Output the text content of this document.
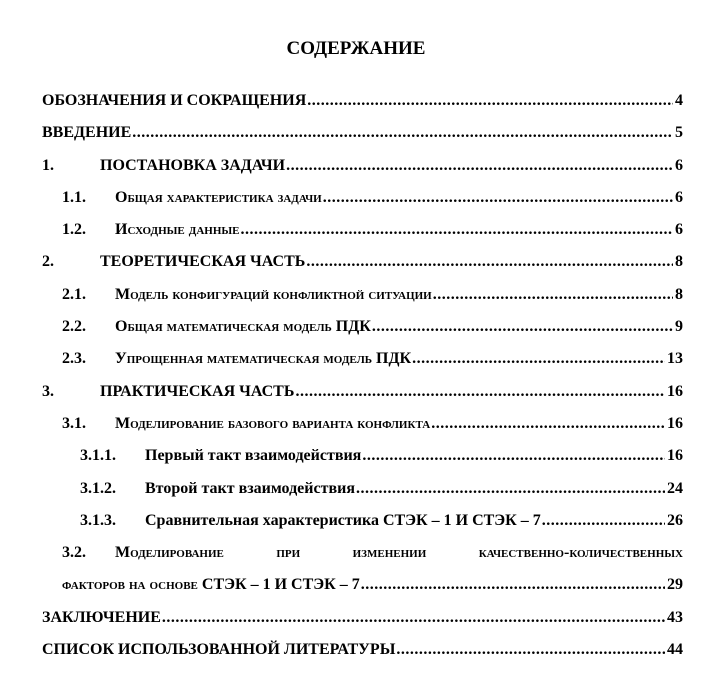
СОДЕРЖАНИЕ
ОБОЗНАЧЕНИЯ И СОКРАЩЕНИЯ .....	4
ВВЕДЕНИЕ .....	5
1.	ПОСТАНОВКА ЗАДАЧИ .....	6
1.1.	Общая характеристика задачи .....	6
1.2.	Исходные данные .....	6
2.	ТЕОРЕТИЧЕСКАЯ ЧАСТЬ .....	8
2.1.	Модель конфигураций конфликтной ситуации .....	8
2.2.	Общая математическая модель ПДК .....	9
2.3.	Упрощенная математическая модель ПДК .....	13
3.	ПРАКТИЧЕСКАЯ ЧАСТЬ .....	16
3.1.	Моделирование базового варианта конфликта .....	16
3.1.1.	Первый такт взаимодействия .....	16
3.1.2.	Второй такт взаимодействия .....	24
3.1.3.	Сравнительная характеристика СТЭК – 1 И СТЭК – 7 .....	26
3.2.	Моделирование при изменении качественно-количественных
факторов на основе СТЭК – 1 И СТЭК – 7 .....	29
ЗАКЛЮЧЕНИЕ .....	43
СПИСОК ИСПОЛЬЗОВАННОЙ ЛИТЕРАТУРЫ .....	44
